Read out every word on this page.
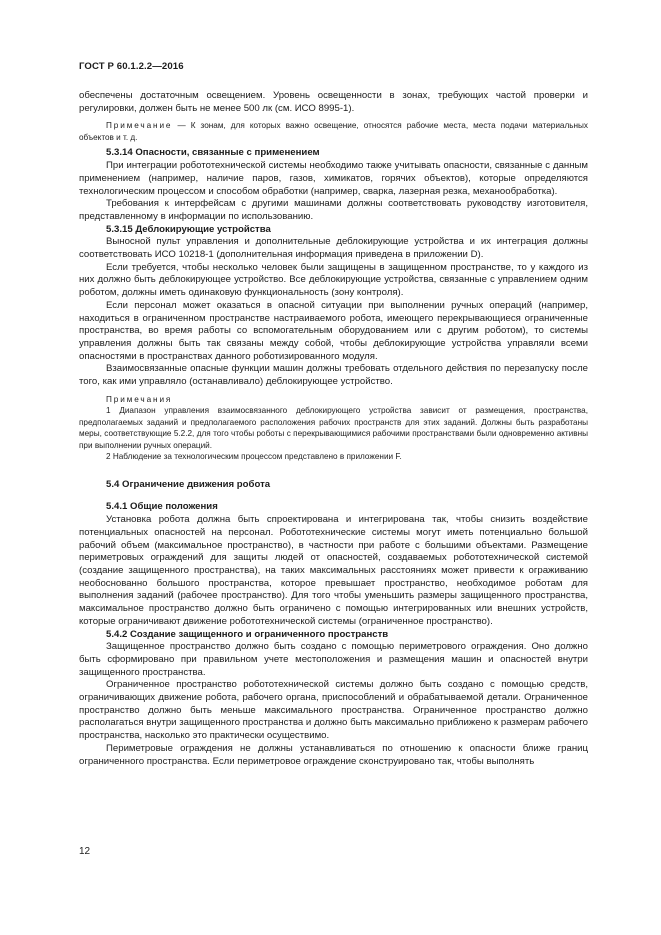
ГОСТ Р 60.1.2.2—2016

обеспечены достаточным освещением. Уровень освещенности в зонах, требующих частой проверки и регулировки, должен быть не менее 500 лк (см. ИСО 8995-1).

Примечание — К зонам, для которых важно освещение, относятся рабочие места, места подачи материальных объектов и т. д.

5.3.14 Опасности, связанные с применением

При интеграции робототехнической системы необходимо также учитывать опасности, связанные с данным применением (например, наличие паров, газов, химикатов, горячих объектов), которые определяются технологическим процессом и способом обработки (например, сварка, лазерная резка, механообработка).

Требования к интерфейсам с другими машинами должны соответствовать руководству изготовителя, представленному в информации по использованию.

5.3.15 Деблокирующие устройства

Выносной пульт управления и дополнительные деблокирующие устройства и их интеграция должны соответствовать ИСО 10218-1 (дополнительная информация приведена в приложении D).

Если требуется, чтобы несколько человек были защищены в защищенном пространстве, то у каждого из них должно быть деблокирующее устройство. Все деблокирующие устройства, связанные с управлением одним роботом, должны иметь одинаковую функциональность (зону контроля).

Если персонал может оказаться в опасной ситуации при выполнении ручных операций (например, находиться в ограниченном пространстве настраиваемого робота, имеющего перекрывающиеся ограниченные пространства, во время работы со вспомогательным оборудованием или с другим роботом), то системы управления должны быть так связаны между собой, чтобы деблокирующие устройства управляли всеми опасностями в пространствах данного роботизированного модуля.

Взаимосвязанные опасные функции машин должны требовать отдельного действия по перезапуску после того, как ими управляло (останавливало) деблокирующее устройство.

Примечания

1 Диапазон управления взаимосвязанного деблокирующего устройства зависит от размещения, пространства, предполагаемых заданий и предполагаемого расположения рабочих пространств для этих заданий. Должны быть разработаны меры, соответствующие 5.2.2, для того чтобы роботы с перекрывающимися рабочими пространствами были одновременно активны при выполнении ручных операций.

2 Наблюдение за технологическим процессом представлено в приложении F.

5.4 Ограничение движения робота

5.4.1 Общие положения

Установка робота должна быть спроектирована и интегрирована так, чтобы снизить воздействие потенциальных опасностей на персонал. Робототехнические системы могут иметь потенциально большой рабочий объем (максимальное пространство), в частности при работе с большими объектами. Размещение периметровых ограждений для защиты людей от опасностей, создаваемых робототехнической системой (создание защищенного пространства), на таких максимальных расстояниях может привести к ограживанию необоснованно большого пространства, которое превышает пространство, необходимое роботам для выполнения заданий (рабочее пространство). Для того чтобы уменьшить размеры защищенного пространства, максимальное пространство должно быть ограничено с помощью интегрированных или внешних устройств, которые ограничивают движение робототехнической системы (ограниченное пространство).

5.4.2 Создание защищенного и ограниченного пространств

Защищенное пространство должно быть создано с помощью периметрового ограждения. Оно должно быть сформировано при правильном учете местоположения и размещения машин и опасностей внутри защищенного пространства.

Ограниченное пространство робототехнической системы должно быть создано с помощью средств, ограничивающих движение робота, рабочего органа, приспособлений и обрабатываемой детали. Ограниченное пространство должно быть меньше максимального пространства. Ограниченное пространство должно располагаться внутри защищенного пространства и должно быть максимально приближено к размерам рабочего пространства, насколько это практически осуществимо.

Периметровые ограждения не должны устанавливаться по отношению к опасности ближе границ ограниченного пространства. Если периметровое ограждение сконструировано так, чтобы выполнять

12
